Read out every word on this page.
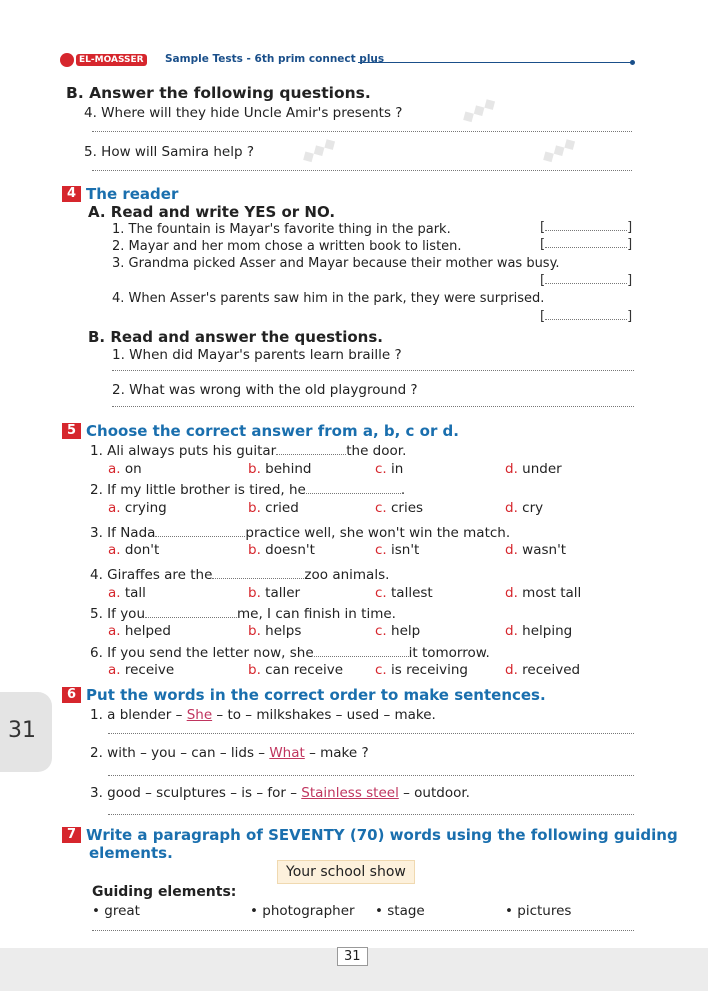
◆◆◆
◆◆◆
◆◆◆
EL-MOASSER Sample Tests - 6th prim connect plus
B. Answer the following questions.
4. Where will they hide Uncle Amir's presents ?
5. How will Samira help ?
4 The reader
A. Read and write YES or NO.
1. The fountain is Mayar's favorite thing in the park.	[	]
2. Mayar and her mom chose a written book to listen.	[	]
3. Grandma picked Asser and Mayar because their mother was busy.
[	]
4. When Asser's parents saw him in the park, they were surprised.
[	]
B. Read and answer the questions.
1. When did Mayar's parents learn braille ?
2. What was wrong with the old playground ?
5 Choose the correct answer from a, b, c or d.
1. Ali always puts his guitar	the door.
a. on	b. behind	c. in	d. under
2. If my little brother is tired, he	.
a. crying	b. cried	c. cries	d. cry
3. If Nada	practice well, she won't win the match.
a. don't	b. doesn't	c. isn't	d. wasn't
4. Giraffes are the	zoo animals.
a. tall	b. taller	c. tallest	d. most tall
5. If you	me, I can finish in time.
a. helped	b. helps	c. help	d. helping
6. If you send the letter now, she	it tomorrow.
a. receive	b. can receive c. is receiving	d. received
6 Put the words in the correct order to make sentences.
1. a blender – She – to – milkshakes – used – make.
2. with – you – can – lids – What – make ?
3. good – sculptures – is – for – Stainless steel – outdoor.
7 Write a paragraph of SEVENTY (70) words using the following guiding
elements.
Your school show
Guiding elements:
• great	• photographer • stage	• pictures
31
31
